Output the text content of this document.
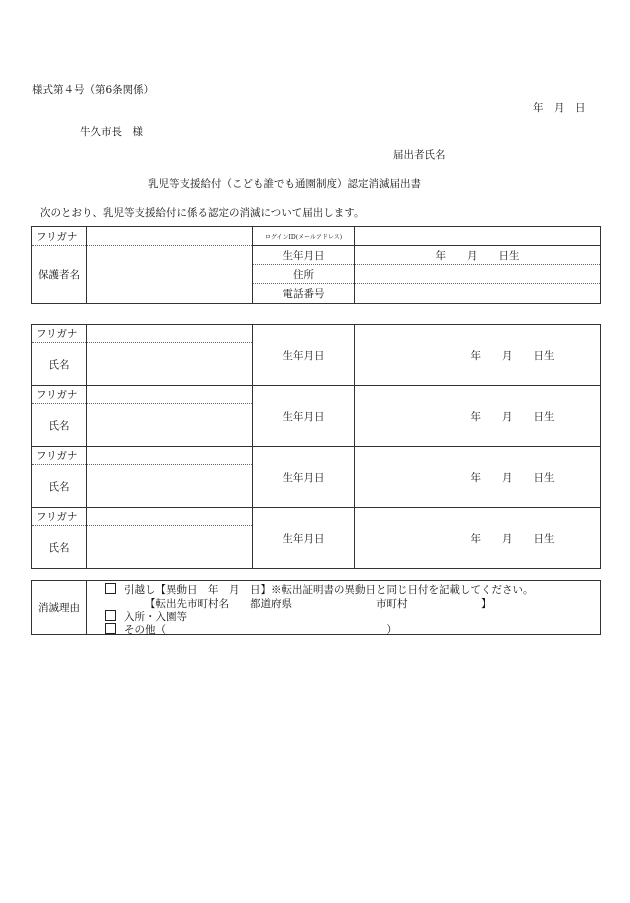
様式第４号（第6条関係）
年　月　日
牛久市長　様
届出者氏名
乳児等支援給付（こども誰でも通園制度）認定消滅届出書
次のとおり、乳児等支援給付に係る認定の消滅について届出します。
フリガナ		ログインID(メールアドレス)	
保護者名		生年月日	年　　月　　日生
		住所	
		電話番号	
フリガナ		生年月日	年　　月　　日生
氏名			
フリガナ		生年月日	年　　月　　日生
氏名			
フリガナ		生年月日	年　　月　　日生
氏名			
フリガナ		生年月日	年　　月　　日生
氏名			
消滅理由	
引越し【異動日　年　月　日】※転出証明書の異動日と同じ日付を記載してください。
【転出先市町村名　　都道府県　　　　　　　　市町村　　　　　　　】
入所・入園等
その他（　　　　　　　　　　　　　　　　　　　　　）
